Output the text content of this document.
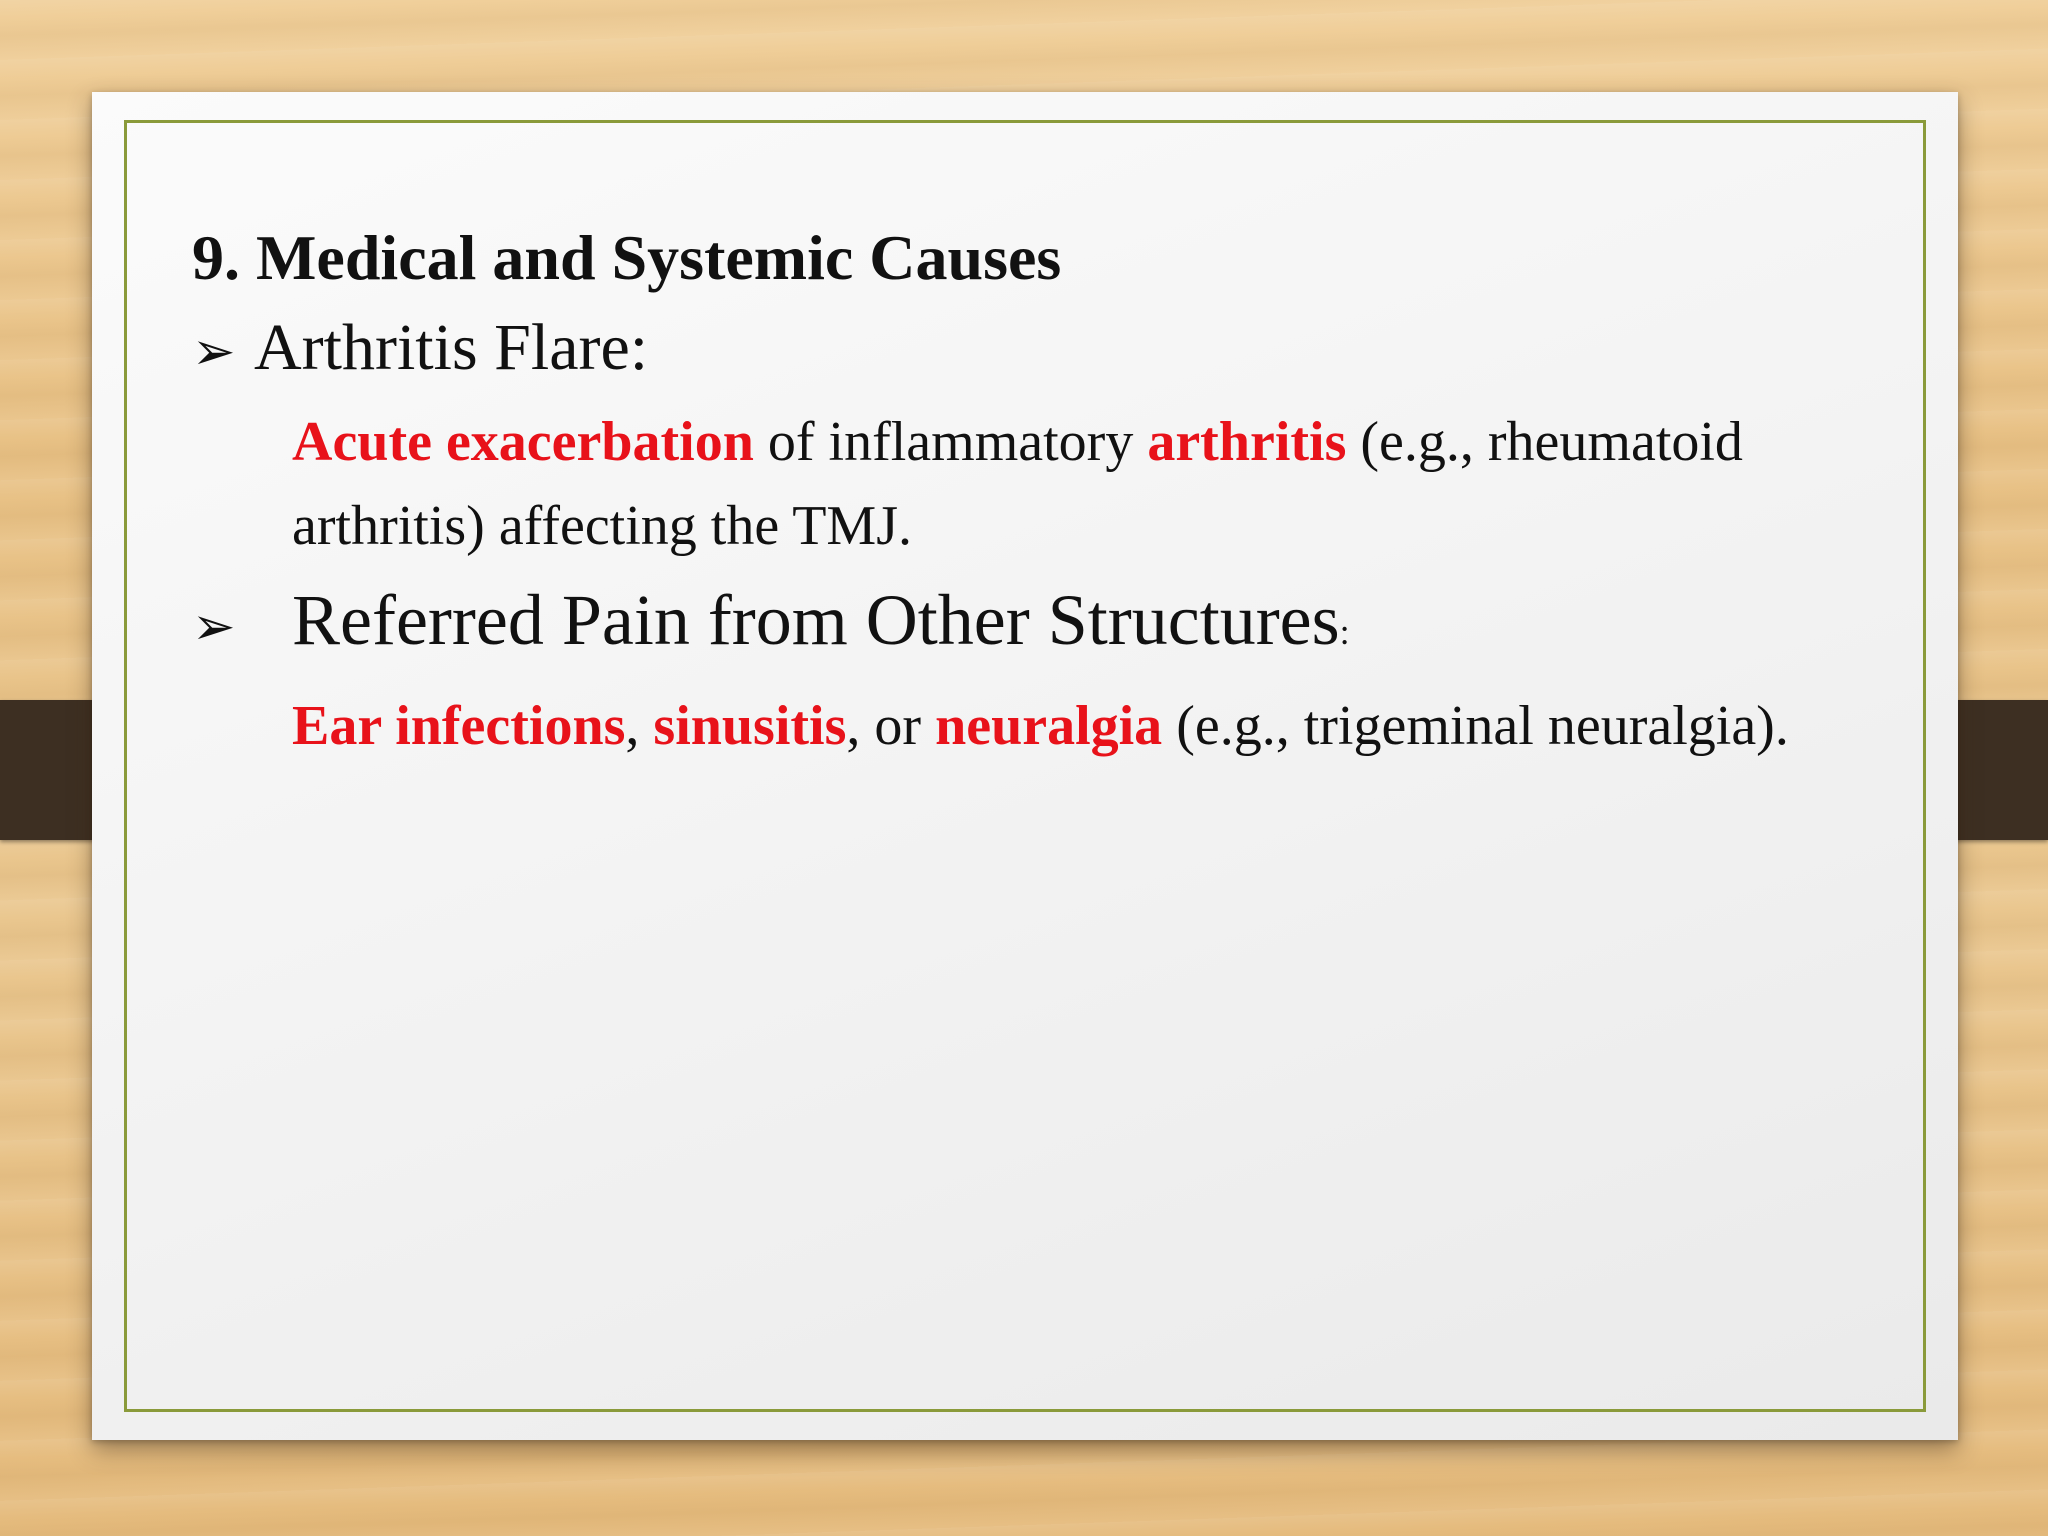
9. Medical and Systemic Causes

➢ Arthritis Flare:

Acute exacerbation of inflammatory arthritis (e.g., rheumatoid arthritis) affecting the TMJ.

➢ Referred Pain from Other Structures:

Ear infections, sinusitis, or neuralgia (e.g., trigeminal neuralgia).
